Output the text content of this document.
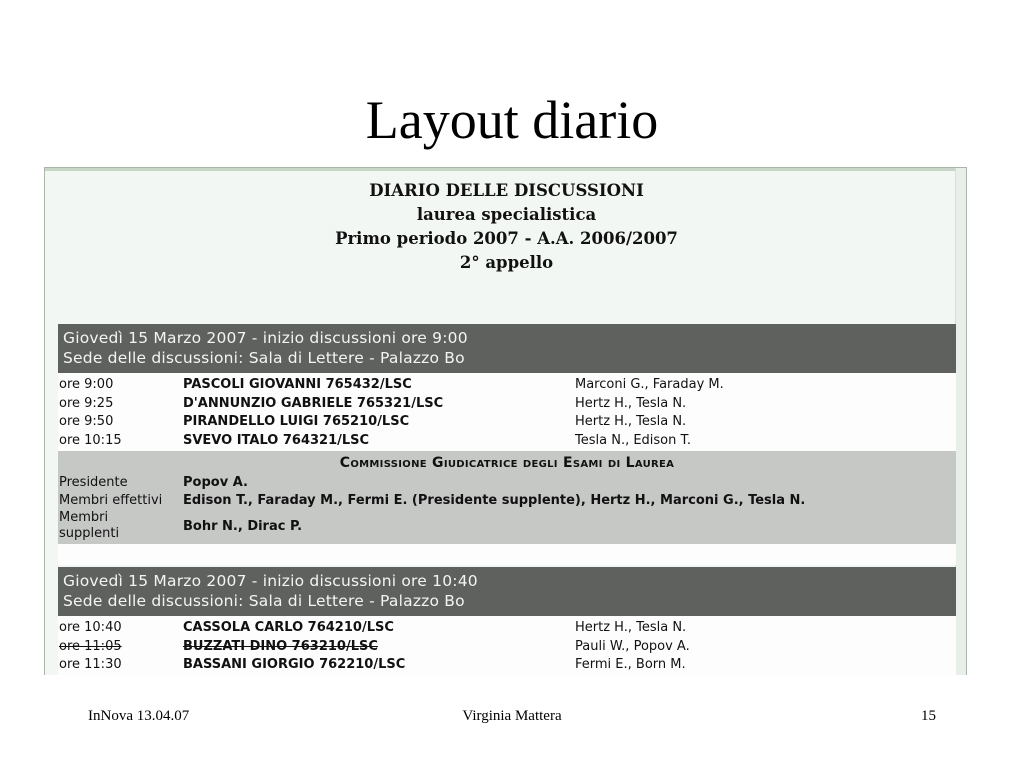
Layout diario
DIARIO DELLE DISCUSSIONI
laurea specialistica
Primo periodo 2007 - A.A. 2006/2007
2° appello
Giovedì 15 Marzo 2007 - inizio discussioni ore 9:00
Sede delle discussioni: Sala di Lettere - Palazzo Bo
ore 9:00	PASCOLI GIOVANNI 765432/LSC	Marconi G., Faraday M.
ore 9:25	D'ANNUNZIO GABRIELE 765321/LSC	Hertz H., Tesla N.
ore 9:50	PIRANDELLO LUIGI 765210/LSC	Hertz H., Tesla N.
ore 10:15	SVEVO ITALO 764321/LSC	Tesla N., Edison T.
Commissione Giudicatrice degli Esami di Laurea
Presidente	Popov A.
Membri effettivi	Edison T., Faraday M., Fermi E. (Presidente supplente), Hertz H., Marconi G., Tesla N.
Membri
supplenti	Bohr N., Dirac P.
Giovedì 15 Marzo 2007 - inizio discussioni ore 10:40
Sede delle discussioni: Sala di Lettere - Palazzo Bo
ore 10:40	CASSOLA CARLO 764210/LSC	Hertz H., Tesla N.
ore 11:05	BUZZATI DINO 763210/LSC	Pauli W., Popov A.
ore 11:30	BASSANI GIORGIO 762210/LSC	Fermi E., Born M.
InNova 13.04.07	Virginia Mattera	15
